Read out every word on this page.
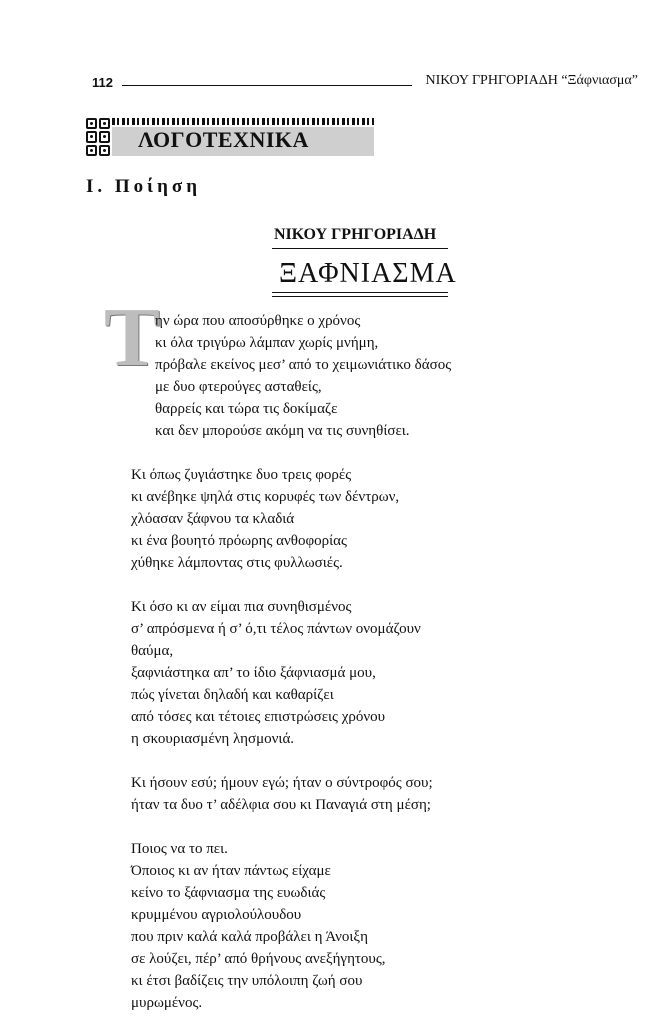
112	ΝΙΚΟΥ ΓΡΗΓΟΡΙΑΔΗ “Ξάφνιασμα”
ΛΟΓΟΤΕΧΝΙΚΑ
Ι. Ποίηση
ΝΙΚΟΥ ΓΡΗΓΟΡΙΑΔΗ
ΞΑΦΝΙΑΣΜΑ
Τ
ην ώρα που αποσύρθηκε ο χρόνος
κι όλα τριγύρω λάμπαν χωρίς μνήμη,
πρόβαλε εκείνος μεσ’ από το χειμωνιάτικο δάσος
με δυο φτερούγες ασταθείς,
θαρρείς και τώρα τις δοκίμαζε
και δεν μπορούσε ακόμη να τις συνηθίσει.
Κι όπως ζυγιάστηκε δυο τρεις φορές
κι ανέβηκε ψηλά στις κορυφές των δέντρων,
χλόασαν ξάφνου τα κλαδιά
κι ένα βουητό πρόωρης ανθοφορίας
χύθηκε λάμποντας στις φυλλωσιές.
Κι όσο κι αν είμαι πια συνηθισμένος
σ’ απρόσμενα ή σ’ ό,τι τέλος πάντων ονομάζουν
θαύμα,
ξαφνιάστηκα απ’ το ίδιο ξάφνιασμά μου,
πώς γίνεται δηλαδή και καθαρίζει
από τόσες και τέτοιες επιστρώσεις χρόνου
η σκουριασμένη λησμονιά.
Κι ήσουν εσύ; ήμουν εγώ; ήταν ο σύντροφός σου;
ήταν τα δυο τ’ αδέλφια σου κι Παναγιά στη μέση;
Ποιος να το πει.
Όποιος κι αν ήταν πάντως είχαμε
κείνο το ξάφνιασμα της ευωδιάς
κρυμμένου αγριολούλουδου
που πριν καλά καλά προβάλει η Άνοιξη
σε λούζει, πέρ’ από θρήνους ανεξήγητους,
κι έτσι βαδίζεις την υπόλοιπη ζωή σου
μυρωμένος.
